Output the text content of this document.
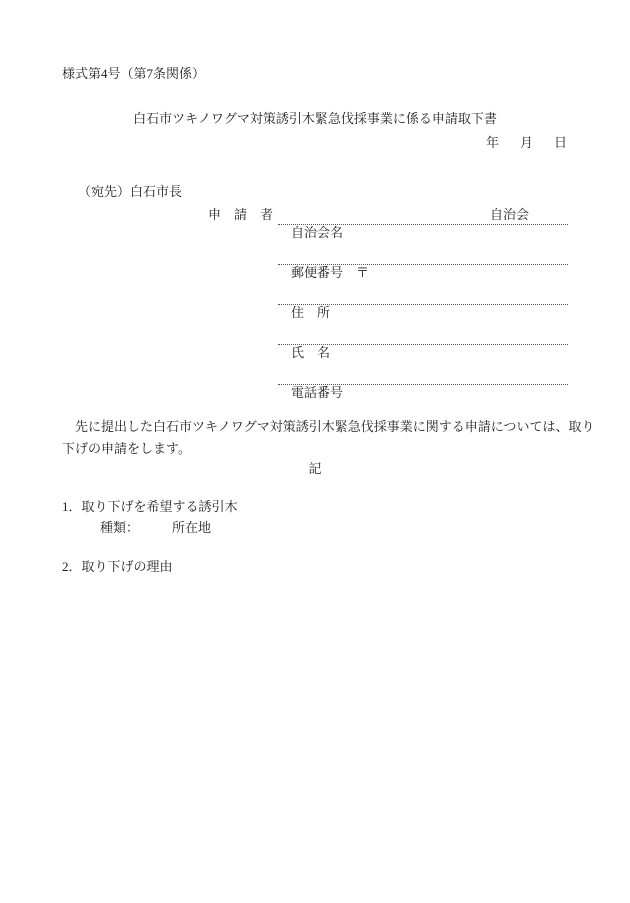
様式第4号（第7条関係）
白石市ツキノワグマ対策誘引木緊急伐採事業に係る申請取下書
年 月 日
（宛先）白石市長
申　請　者

自治会名

自治会

郵便番号　〒

住　所

氏　名

電話番号

先に提出した白石市ツキノワグマ対策誘引木緊急伐採事業に関する申請については、取り下げの申請をします。
記
1．取り下げを希望する誘引木
種類：	所在地
2．取り下げの理由
